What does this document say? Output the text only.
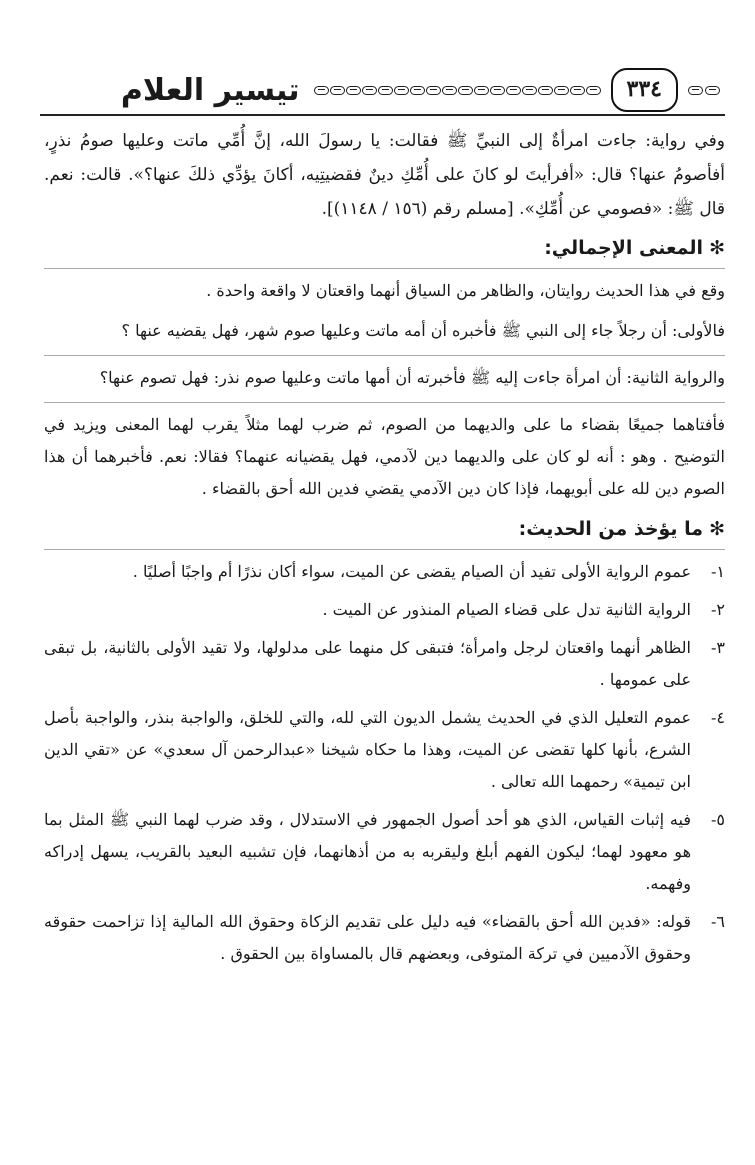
٣٣٤
تيسير العلام
وفي رواية: جاءت امرأةٌ إلى النبيِّ ﷺ فقالت: يا رسولَ الله، إنَّ أُمِّي ماتت وعليها صومُ نذرٍ، أفأصومُ عنها؟ قال: «أفرأيتَ لو كانَ على أُمِّكِ دينٌ فقضيتِيه، أكانَ يؤدِّي ذلكَ عنها؟». قالت: نعم. قال ﷺ: «فصومي عن أُمِّكِ». [مسلم رقم (١٥٦ / ١١٤٨)].
✻المعنى الإجمالي:

وقع في هذا الحديث روايتان، والظاهر من السياق أنهما واقعتان لا واقعة واحدة .

فالأولى: أن رجلاً جاء إلى النبي ﷺ فأخبره أن أمه ماتت وعليها صوم شهر، فهل يقضيه عنها ؟

والرواية الثانية: أن امرأة جاءت إليه ﷺ فأخبرته أن أمها ماتت وعليها صوم نذر: فهل تصوم عنها؟

فأفتاهما جميعًا بقضاء ما على والديهما من الصوم، ثم ضرب لهما مثلاً يقرب لهما المعنى ويزيد في التوضيح . وهو : أنه لو كان على والديهما دين لآدمي، فهل يقضيانه عنهما؟ فقالا: نعم. فأخبرهما أن هذا الصوم دين لله على أبويهما، فإذا كان دين الآدمي يقضي فدين الله أحق بالقضاء .

✻ما يؤخذ من الحديث:
١-
عموم الرواية الأولى تفيد أن الصيام يقضى عن الميت، سواء أكان نذرًا أم واجبًا أصليًا .
٢-
الرواية الثانية تدل على قضاء الصيام المنذور عن الميت .
٣-
الظاهر أنهما واقعتان لرجل وامرأة؛ فتبقى كل منهما على مدلولها، ولا تقيد الأولى بالثانية، بل تبقى على عمومها .
٤-
عموم التعليل الذي في الحديث يشمل الديون التي لله، والتي للخلق، والواجبة بنذر، والواجبة بأصل الشرع، بأنها كلها تقضى عن الميت، وهذا ما حكاه شيخنا «عبدالرحمن آل سعدي» عن «تقي الدين ابن تيمية» رحمهما الله تعالى .
٥-
فيه إثبات القياس، الذي هو أحد أصول الجمهور في الاستدلال ، وقد ضرب لهما النبي ﷺ المثل بما هو معهود لهما؛ ليكون الفهم أبلغ وليقربه به من أذهانهما، فإن تشبيه البعيد بالقريب، يسهل إدراكه وفهمه.
٦-
قوله: «فدين الله أحق بالقضاء» فيه دليل على تقديم الزكاة وحقوق الله المالية إذا تزاحمت حقوقه وحقوق الآدميين في تركة المتوفى، وبعضهم قال بالمساواة بين الحقوق .
